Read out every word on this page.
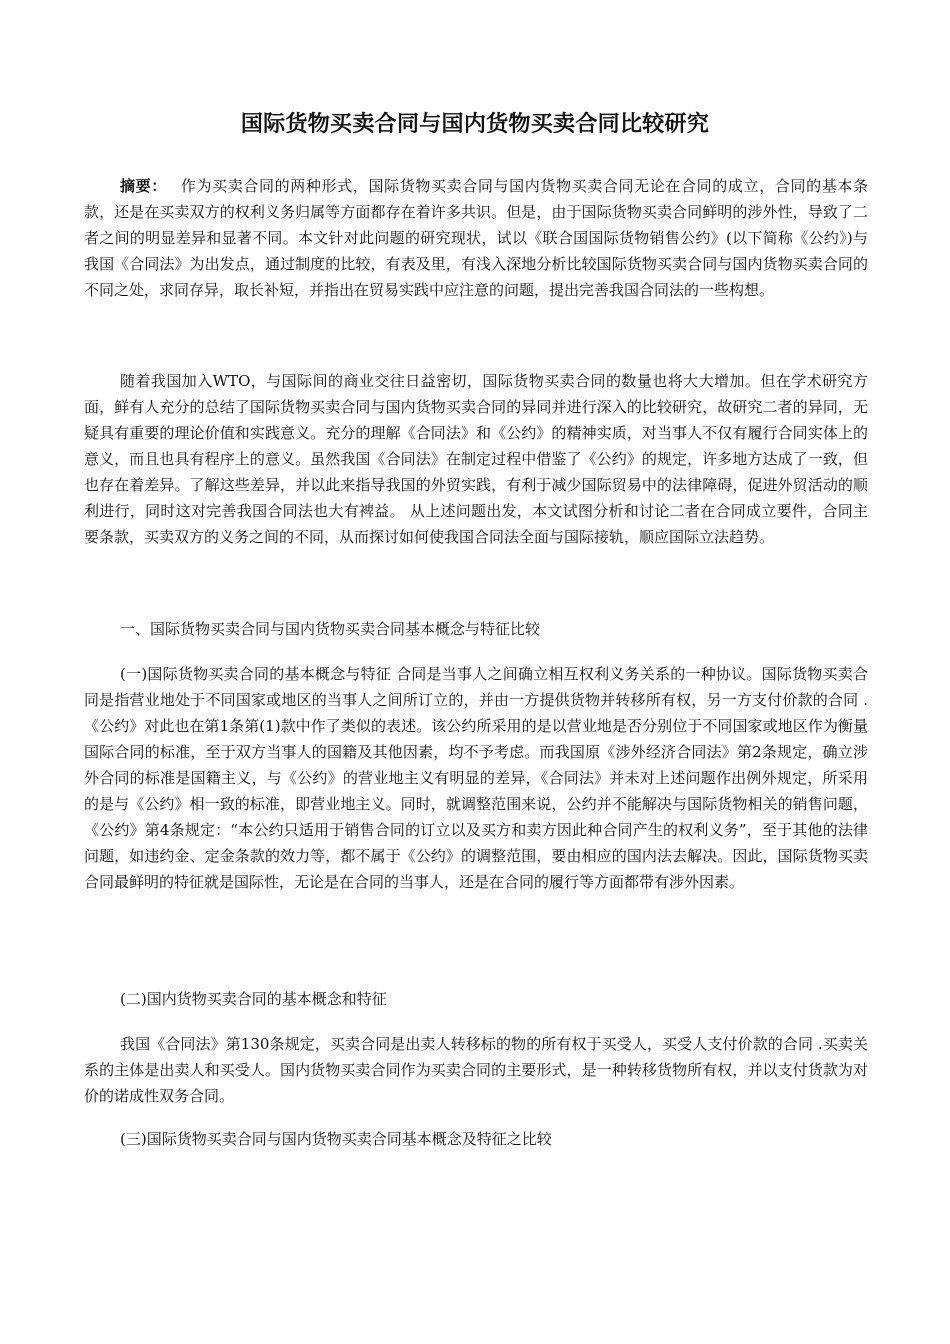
国际货物买卖合同与国内货物买卖合同比较研究

摘要： 作为买卖合同的两种形式，国际货物买卖合同与国内货物买卖合同无论在合同的成立，合同的基本条款，还是在买卖双方的权利义务归属等方面都存在着许多共识。但是，由于国际货物买卖合同鲜明的涉外性，导致了二者之间的明显差异和显著不同。本文针对此问题的研究现状，试以《联合国国际货物销售公约》(以下简称《公约》)与我国《合同法》为出发点，通过制度的比较，有表及里，有浅入深地分析比较国际货物买卖合同与国内货物买卖合同的不同之处，求同存异，取长补短，并指出在贸易实践中应注意的问题，提出完善我国合同法的一些构想。

随着我国加入WTO，与国际间的商业交往日益密切，国际货物买卖合同的数量也将大大增加。但在学术研究方面，鲜有人充分的总结了国际货物买卖合同与国内货物买卖合同的异同并进行深入的比较研究，故研究二者的异同，无疑具有重要的理论价值和实践意义。充分的理解《合同法》和《公约》的精神实质，对当事人不仅有履行合同实体上的意义，而且也具有程序上的意义。虽然我国《合同法》在制定过程中借鉴了《公约》的规定，许多地方达成了一致，但也存在着差异。了解这些差异，并以此来指导我国的外贸实践，有利于减少国际贸易中的法律障碍，促进外贸活动的顺利进行，同时这对完善我国合同法也大有裨益。 从上述问题出发，本文试图分析和讨论二者在合同成立要件，合同主要条款，买卖双方的义务之间的不同，从而探讨如何使我国合同法全面与国际接轨，顺应国际立法趋势。

一、国际货物买卖合同与国内货物买卖合同基本概念与特征比较

(一)国际货物买卖合同的基本概念与特征 合同是当事人之间确立相互权利义务关系的一种协议。国际货物买卖合同是指营业地处于不同国家或地区的当事人之间所订立的，并由一方提供货物并转移所有权，另一方支付价款的合同 .《公约》对此也在第1条第(1)款中作了类似的表述。该公约所采用的是以营业地是否分别位于不同国家或地区作为衡量国际合同的标准，至于双方当事人的国籍及其他因素，均不予考虑。而我国原《涉外经济合同法》第2条规定，确立涉外合同的标准是国籍主义，与《公约》的营业地主义有明显的差异，《合同法》并未对上述问题作出例外规定，所采用的是与《公约》相一致的标准，即营业地主义。同时，就调整范围来说，公约并不能解决与国际货物相关的销售问题，《公约》第4条规定：“本公约只适用于销售合同的订立以及买方和卖方因此种合同产生的权利义务”，至于其他的法律问题，如违约金、定金条款的效力等，都不属于《公约》的调整范围，要由相应的国内法去解决。因此，国际货物买卖合同最鲜明的特征就是国际性，无论是在合同的当事人，还是在合同的履行等方面都带有涉外因素。

(二)国内货物买卖合同的基本概念和特征

我国《合同法》第130条规定，买卖合同是出卖人转移标的物的所有权于买受人，买受人支付价款的合同 .买卖关系的主体是出卖人和买受人。国内货物买卖合同作为买卖合同的主要形式，是一种转移货物所有权，并以支付货款为对价的诺成性双务合同。

(三)国际货物买卖合同与国内货物买卖合同基本概念及特征之比较
